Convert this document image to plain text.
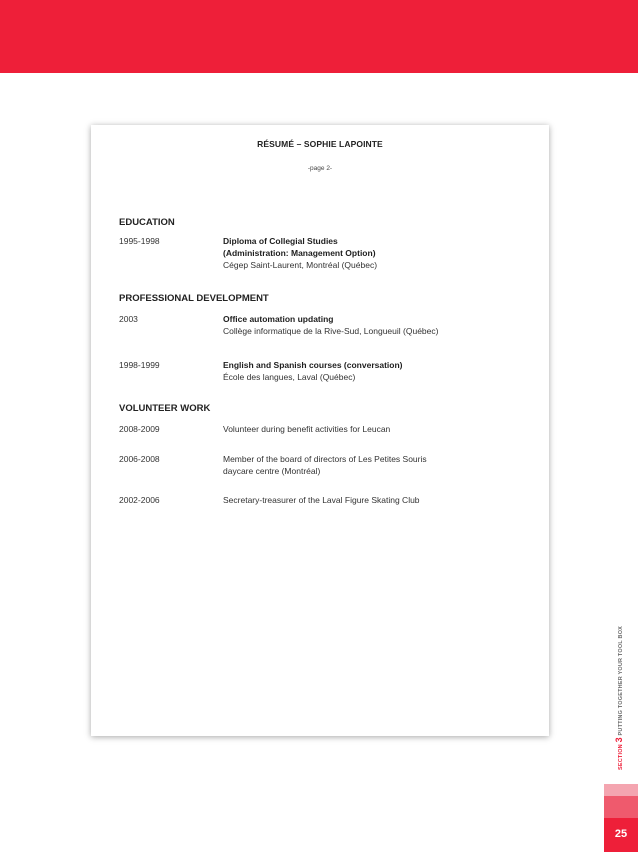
RÉSUMÉ – SOPHIE LAPOINTE
-page 2-
EDUCATION
1995-1998	Diploma of Collegial Studies
(Administration: Management Option)
Cégep Saint-Laurent, Montréal (Québec)
PROFESSIONAL DEVELOPMENT
2003	Office automation updating
Collège informatique de la Rive-Sud, Longueuil (Québec)
1998-1999	English and Spanish courses (conversation)
École des langues, Laval (Québec)
VOLUNTEER WORK
2008-2009	Volunteer during benefit activities for Leucan
2006-2008	Member of the board of directors of Les Petites Souris
daycare centre (Montréal)
2002-2006	Secretary-treasurer of the Laval Figure Skating Club
SECTION 3 PUTTING TOGETHER YOUR TOOL BOX
25
